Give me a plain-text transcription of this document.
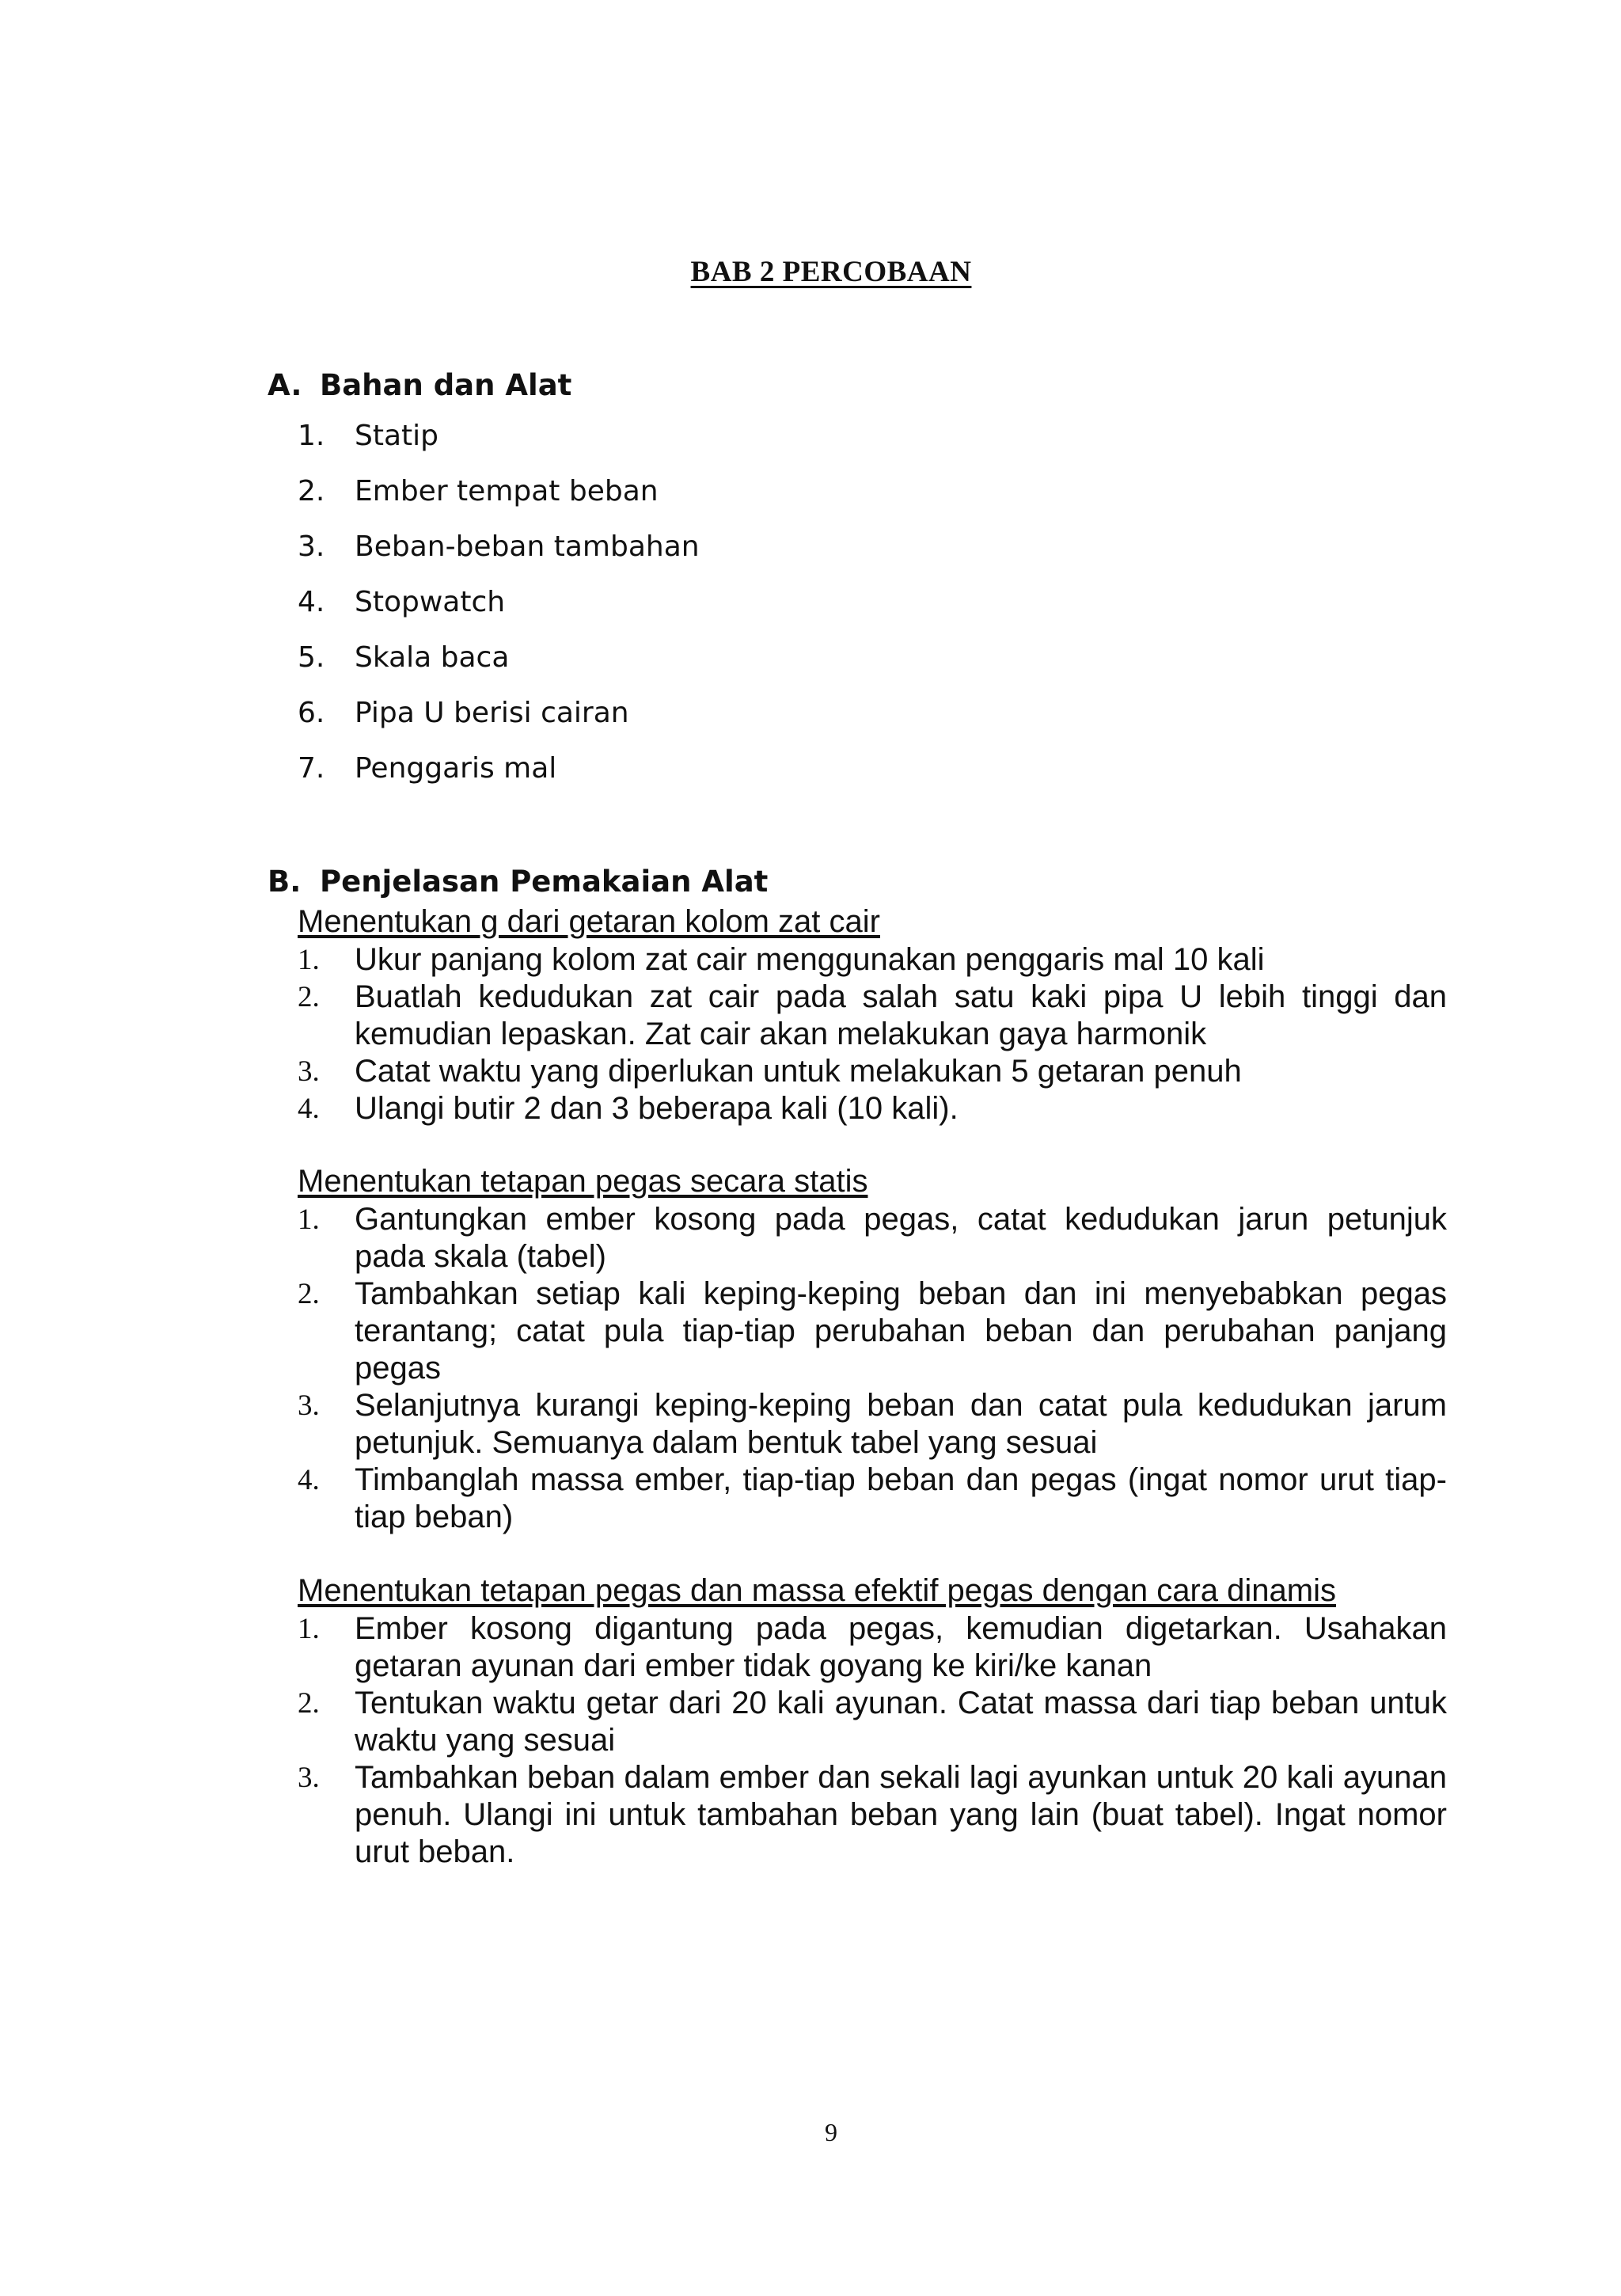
BAB 2 PERCOBAAN
A. Bahan dan Alat
1.	Statip
2.	Ember tempat beban
3.	Beban-beban tambahan
4.	Stopwatch
5.	Skala baca
6.	Pipa U berisi cairan
7.	Penggaris mal
B. Penjelasan Pemakaian Alat
Menentukan g dari getaran kolom zat cair
1.	Ukur panjang kolom zat cair menggunakan penggaris mal 10 kali
2.	Buatlah kedudukan zat cair pada salah satu kaki pipa U lebih tinggi dan kemudian lepaskan. Zat cair akan melakukan gaya harmonik
3.	Catat waktu yang diperlukan untuk melakukan 5 getaran penuh
4.	Ulangi butir 2 dan 3 beberapa kali (10 kali).
Menentukan tetapan pegas secara statis
1.	Gantungkan ember kosong pada pegas, catat kedudukan jarun petunjuk pada skala (tabel)
2.	Tambahkan setiap kali keping-keping beban dan ini menyebabkan pegas terantang; catat pula tiap-tiap perubahan beban dan perubahan panjang pegas
3.	Selanjutnya kurangi keping-keping beban dan catat pula kedudukan jarum petunjuk. Semuanya dalam bentuk tabel yang sesuai
4.	Timbanglah massa ember, tiap-tiap beban dan pegas (ingat nomor urut tiap-tiap beban)
Menentukan tetapan pegas dan massa efektif pegas dengan cara dinamis
1.	Ember kosong digantung pada pegas, kemudian digetarkan. Usahakan getaran ayunan dari ember tidak goyang ke kiri/ke kanan
2.	Tentukan waktu getar dari 20 kali ayunan. Catat massa dari tiap beban untuk waktu yang sesuai
3.	Tambahkan beban dalam ember dan sekali lagi ayunkan untuk 20 kali ayunan penuh. Ulangi ini untuk tambahan beban yang lain (buat tabel). Ingat nomor urut beban.
9
